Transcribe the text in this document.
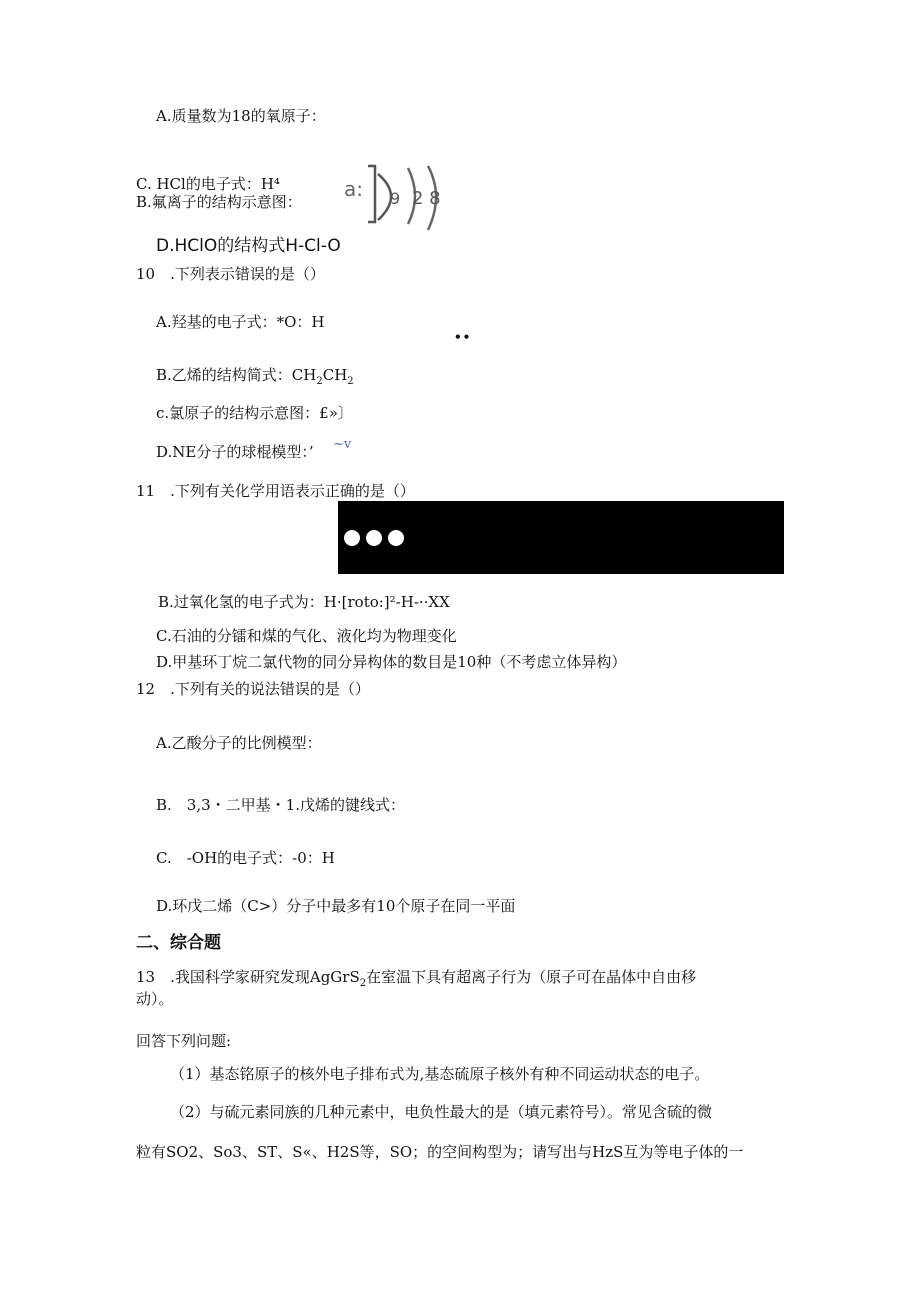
A.质量数为18的氧原子：

C. HCl的电子式：H⁴

B.氟离子的结构示意图：

a: 9 2 8

D.HClO的结构式H-Cl-O

10　.下列表示错误的是（）

A.羟基的电子式：*O：H

••

B.乙烯的结构简式：$CH_2CH_2$

c.氯原子的结构示意图：£»〕

D.NE分子的球棍模型：’ ~v

11　.下列有关化学用语表示正确的是（）

B.过氧化氢的电子式为：H·[roto:]²-H-··XX

C.石油的分镭和煤的气化、液化均为物理变化

D.甲基环丁烷二氯代物的同分异构体的数目是10种（不考虑立体异构）

12　.下列有关的说法错误的是（）

A.乙酸分子的比例模型：

B.　3,3・二甲基・1.戊烯的键线式：

C.　-OH的电子式：-0：H

D.环戊二烯（C>）分子中最多有10个原子在同一平面

二、综合题

13　.我国科学家研究发现AgGrS$_2$在室温下具有超离子行为（原子可在晶体中自由移

动）。

回答下列问题:

（1）基态铭原子的核外电子排布式为,基态硫原子核外有种不同运动状态的电子。

（2）与硫元素同族的几种元素中，电负性最大的是（填元素符号）。常见含硫的微

粒有SO2、So3、ST、S«、H2S等，SO；的空间构型为；请写出与HzS互为等电子体的一
